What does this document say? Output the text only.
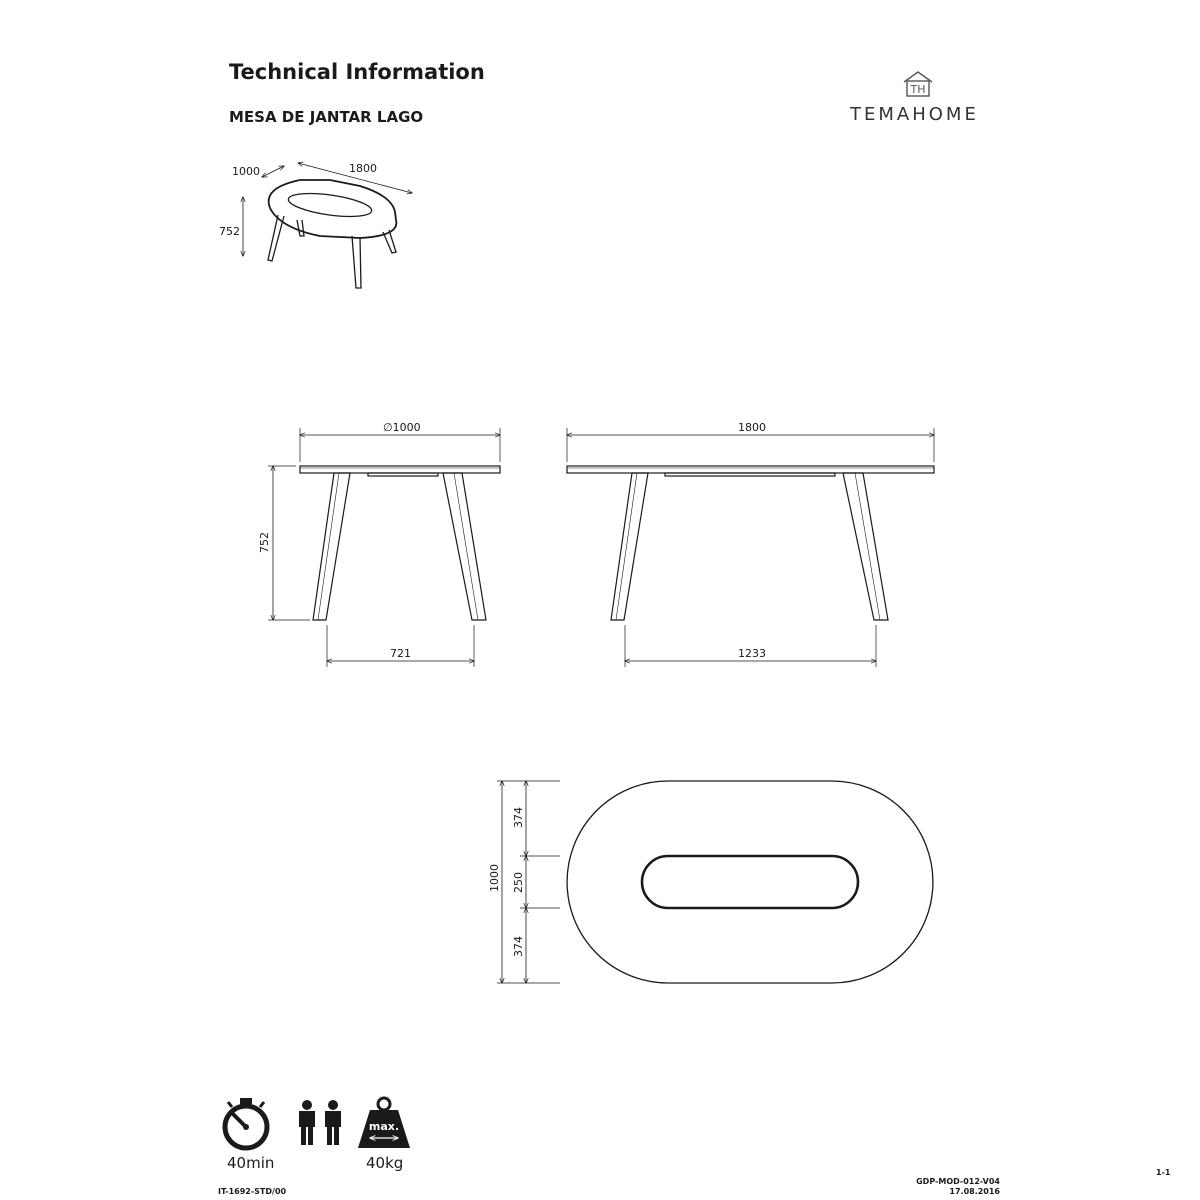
Technical Information
MESA DE JANTAR LAGO
TH
TEMAHOME
1000	1800
752
∅1000
752
721
1800
1233
1000
374
250
374
max.
40min	40kg
1-1
GDP-MOD-012-V04
17.08.2016
IT-1692-STD/00
